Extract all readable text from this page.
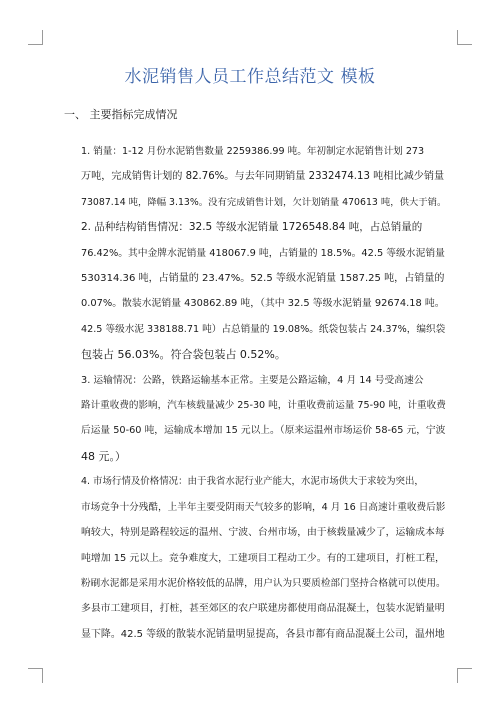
水泥销售人员工作总结范文 模板

一、 主要指标完成情况

1. 销量：1-12 月份水泥销售数量 2259386.99 吨。年初制定水泥销售计划 273
万吨，完成销售计划的 82.76%。与去年同期销量 2332474.13 吨相比减少销量
73087.14 吨，降幅 3.13%。没有完成销售计划，欠计划销量 470613 吨，供大于销。

2. 品种结构销售情况：32.5 等级水泥销量 1726548.84 吨，占总销量的
76.42%。其中金牌水泥销量 418067.9 吨，占销量的 18.5%。42.5 等级水泥销量
530314.36 吨，占销量的 23.47%。52.5 等级水泥销量 1587.25 吨，占销量的
0.07%。散装水泥销量 430862.89 吨，（其中 32.5 等级水泥销量 92674.18 吨。
42.5 等级水泥 338188.71 吨）占总销量的 19.08%。纸袋包装占 24.37%，编织袋
包装占 56.03%。符合袋包装占 0.52%。

3. 运输情况：公路，铁路运输基本正常。主要是公路运输，4 月 14 号受高速公
路计重收费的影响，汽车核载量减少 25-30 吨，计重收费前运量 75-90 吨，计重收费
后运量 50-60 吨，运输成本增加 15 元以上。（原来运温州市场运价 58-65 元，宁波
48 元。）

4. 市场行情及价格情况：由于我省水泥行业产能大，水泥市场供大于求较为突出，
市场竞争十分残酷，上半年主要受阴雨天气较多的影响，4 月 16 日高速计重收费后影
响较大，特别是路程较远的温州、宁波、台州市场，由于核载量减少了，运输成本每
吨增加 15 元以上。竞争难度大，工建项目工程动工少。有的工建项目，打桩工程，
粉刷水泥都是采用水泥价格较低的品牌，用户认为只要质检部门坚持合格就可以使用。
多县市工建项目，打桩，甚至郊区的农户联建房都使用商品混凝土，包装水泥销量明
显下降。42.5 等级的散装水泥销量明显提高，各县市都有商品混凝土公司，温州地
